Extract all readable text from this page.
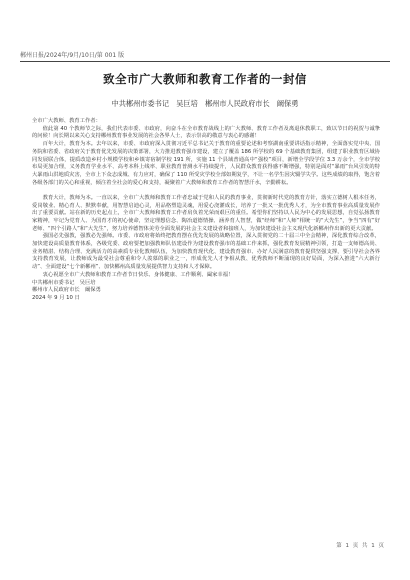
郴州日报/2024年/9月/10日/第 001 版
致全市广大教师和教育工作者的一封信
中共郴州市委书记　吴巨培　郴州市人民政府市长　阚保勇

全市广大教师、教育工作者：

值此第 40 个教师节之际，我们代表市委、市政府，向奋斗在全市教育战线上的广大教师、教育工作者及离退休教职工，致以节日的祝贺与诚挚的问候！向长期以来关心支持郴州教育事业发展的社会各界人士，表示崇高的敬意与衷心的感谢！

百年大计，教育为本。去年以来，市委、市政府深入贯彻习近平总书记关于教育的重要论述和考察湖南重要讲话指示精神，全面落实党中央、国务院和省委、省政府关于教育优先发展的决策部署，大力推进教育强市建设，建立了覆盖 186 所学校的 69 个基础教育集团，组建了职业教育区域协同发展联合体，提质改造乡村小规模学校和乡镇寄宿制学校 191 所，实施 11 个县域普通高中“强校”项目，新增全学段学位 3.3 万余个，全市学校布局更加合理，义务教育学业水平、高考本科上线率、职业教育普测水平持续提升，人民群众教育获得感不断增强，特别是面对“暴雨”台风引发的特大暴雨山洪地质灾害，全市上下众志成城、有力应对，确保了 110 所受灾学校全部如期复学，不让一名学生因灾辍学失学。这些成绩的取得，饱含着各级各部门的关心和重视，倾注着全社会的爱心和支持，凝聚着广大教师和教育工作者的智慧汗水，辛勤耕耘。

教育大计，教师为本。一直以来，全市广大教师和教育工作者忠诚于党和人民的教育事业，贯彻新时代党的教育方针，落实立德树人根本任务，爱岗敬业、精心育人、默默奉献，用智慧启迪心灵，用品格塑造灵魂，用爱心浇灌成长，培养了一批又一批优秀人才，为全市教育事业高质量发展作出了重要贡献。站在新的历史起点上，全市广大教师和教育工作者肩负着光荣而艰巨的重任。希望你们坚持以人民为中心的发展思想，自觉弘扬教育家精神，牢记为党育人、为国育才的初心使命，坚定理想信念、陶冶道德情操、涵养育人智慧，做“经师”和“人师”相统一的“大先生”，争当“四有”好老师、“四个引路人”和“大先生”，努力培养德智体美劳全面发展的社会主义建设者和接班人，为加快建设社会主义现代化新郴州作出新的更大贡献。

强国必先强教，强教必先强师。市委、市政府将始终把教育摆在优先发展的战略位置，深入贯彻党的二十届三中全会精神，深化教育综合改革，加快建设高质量教育体系，各级党委、政府要把加强教师队伍建设作为建设教育强市的基础工作来抓，强化教育发展精神引领，打造一支师德高尚、业务精湛、结构合理、充满活力的高素质专业化教师队伍，为加快教育现代化、建设教育强市、办好人民满意的教育提供坚强支撑，要引导社会各界支持教育发展，让教师成为最受社会尊重和令人羡慕的职业之一，形成优先人才争相从教、优秀教师不断涌现的良好局面，为深入推进“六大新行动”、全面建设“七个新郴州”、加快郴州高质量发展提供智力支持和人才保障。

衷心祝愿全市广大教师和教育工作者节日快乐、身体健康、工作顺利、阖家幸福！

中共郴州市委书记　吴巨培

郴州市人民政府市长　阚保勇

2024 年 9 月 10 日

第 1 页 共 1 页
